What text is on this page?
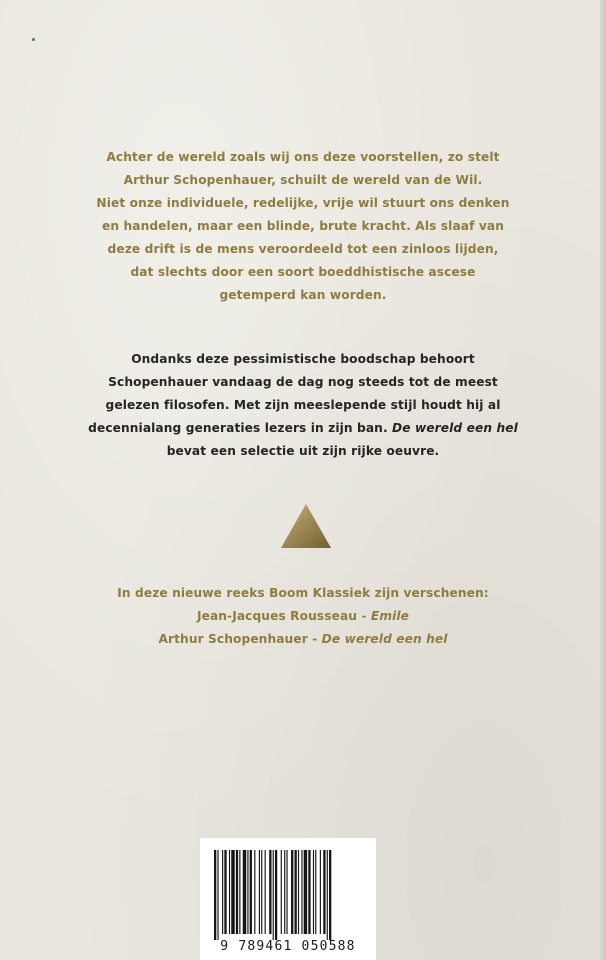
Achter de wereld zoals wij ons deze voorstellen, zo stelt
Arthur Schopenhauer, schuilt de wereld van de Wil.
Niet onze individuele, redelijke, vrije wil stuurt ons denken
en handelen, maar een blinde, brute kracht. Als slaaf van
deze drift is de mens veroordeeld tot een zinloos lijden,
dat slechts door een soort boeddhistische ascese
getemperd kan worden.
Ondanks deze pessimistische boodschap behoort
Schopenhauer vandaag de dag nog steeds tot de meest
gelezen filosofen. Met zijn meeslepende stijl houdt hij al
decennialang generaties lezers in zijn ban. De wereld een hel
bevat een selectie uit zijn rijke oeuvre.
In deze nieuwe reeks Boom Klassiek zijn verschenen:
Jean-Jacques Rousseau - Emile
Arthur Schopenhauer - De wereld een hel
9 789461 050588
